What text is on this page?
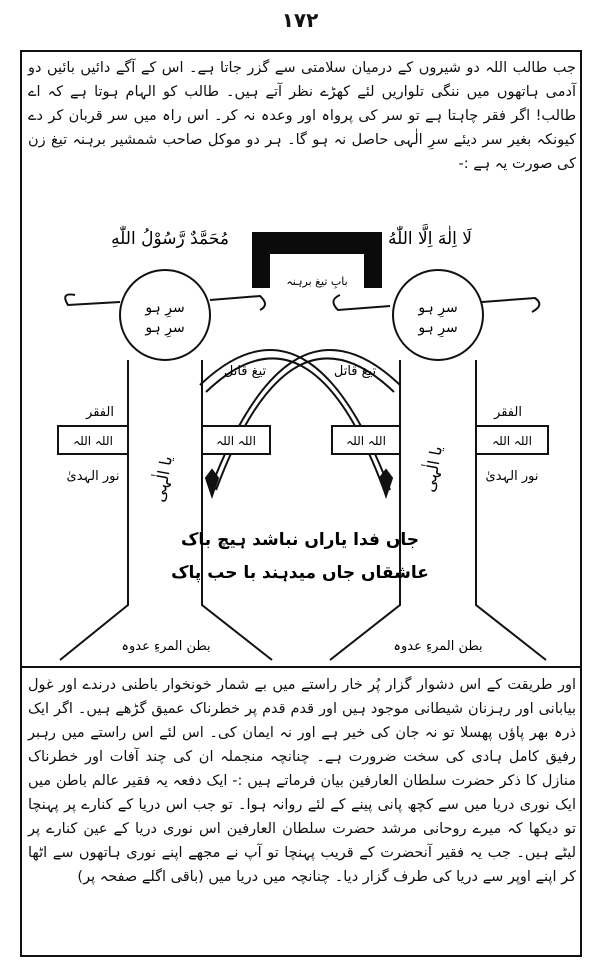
۱۷۲

جب طالب اللہ دو شیروں کے درمیان سلامتی سے گزر جاتا ہے۔ اس کے آگے دائیں بائیں دو آدمی ہاتھوں میں ننگی تلواریں لئے کھڑے نظر آتے ہیں۔ طالب کو الہام ہوتا ہے کہ اے طالب! اگر فقر چاہتا ہے تو سر کی پرواہ اور وعدہ نہ کر۔ اس راہ میں سر قربان کر دے کیونکہ بغیر سر دیئے سرِ الٰہی حاصل نہ ہو گا۔ ہر دو موکل صاحب شمشیر برہنہ تیغ زن کی صورت یہ ہے :-

لَا اِلٰهَ اِلَّا اللّٰهُ
مُحَمَّدٌ رَّسُوْلُ اللّٰهِ
بابِ تیغ برہنہ
سرِ ہو
سرِ ہو
سرِ ہو
سرِ ہو
تیغ قاتل	تیغ قاتل
الفقر
اللہ اللہ
نور الہدیٰ
الفقر
اللہ اللہ
نور الہدیٰ
اللہ اللہ	اللہ اللہ
یا الٰہی	یا الٰہی
جاں فدا یاراں نباشد ہیچ باک
عاشقاں جاں میدہند با حب پاک
بطن المرءِ عدوہ	بطن المرءِ عدوہ

اور طریقت کے اس دشوار گزار پُر خار راستے میں بے شمار خونخوار باطنی درندے اور غول بیابانی اور رہزنان شیطانی موجود ہیں اور قدم قدم پر خطرناک عمیق گڑھے ہیں۔ اگر ایک ذرہ بھر پاؤں پھسلا تو نہ جان کی خیر ہے اور نہ ایمان کی۔ اس لئے اس راستے میں رہبر رفیق کامل ہادی کی سخت ضرورت ہے۔ چنانچہ منجملہ ان کی چند آفات اور خطرناک منازل کا ذکر حضرت سلطان العارفین بیان فرماتے ہیں :- ایک دفعہ یہ فقیر عالم باطن میں ایک نوری دریا میں سے کچھ پانی پینے کے لئے روانہ ہوا۔ تو جب اس دریا کے کنارے پر پہنچا تو دیکھا کہ میرے روحانی مرشد حضرت سلطان العارفین اس نوری دریا کے عین کنارے پر لیٹے ہیں۔ جب یہ فقیر آنحضرت کے قریب پہنچا تو آپ نے مجھے اپنے نوری ہاتھوں سے اٹھا کر اپنے اوپر سے دریا کی طرف گزار دیا۔ چنانچہ میں دریا میں (باقی اگلے صفحہ پر)
